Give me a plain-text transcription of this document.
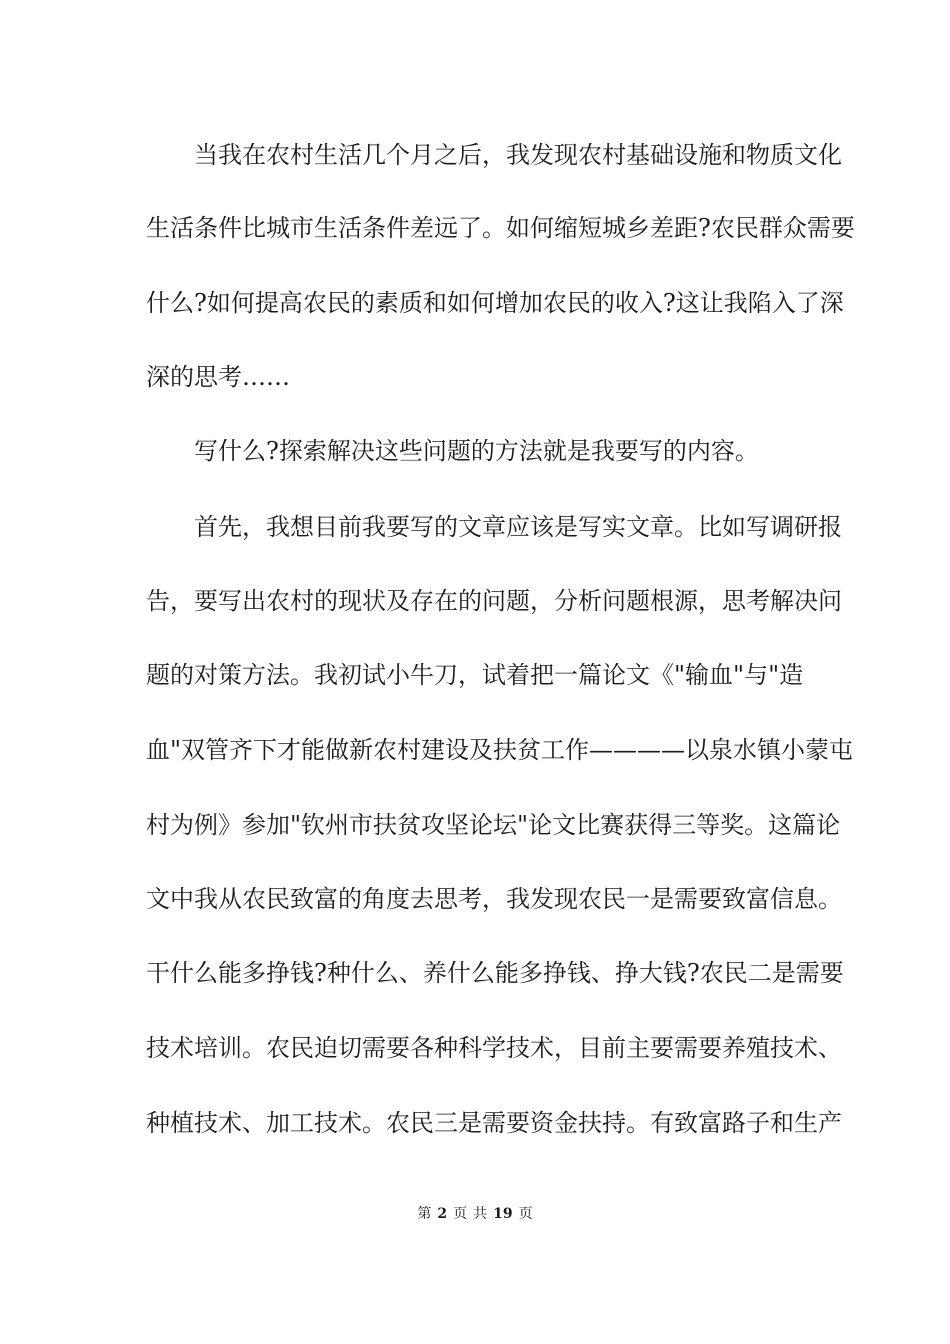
　　当我在农村生活几个月之后，我发现农村基础设施和物质文化
生活条件比城市生活条件差远了。如何缩短城乡差距?农民群众需要
什么?如何提高农民的素质和如何增加农民的收入?这让我陷入了深
深的思考……
　　写什么?探索解决这些问题的方法就是我要写的内容。
　　首先，我想目前我要写的文章应该是写实文章。比如写调研报
告，要写出农村的现状及存在的问题，分析问题根源，思考解决问
题的对策方法。我初试小牛刀，试着把一篇论文《"输血"与"造
血"双管齐下才能做新农村建设及扶贫工作————以泉水镇小蒙屯
村为例》参加"钦州市扶贫攻坚论坛"论文比赛获得三等奖。这篇论
文中我从农民致富的角度去思考，我发现农民一是需要致富信息。
干什么能多挣钱?种什么、养什么能多挣钱、挣大钱?农民二是需要
技术培训。农民迫切需要各种科学技术，目前主要需要养殖技术、
种植技术、加工技术。农民三是需要资金扶持。有致富路子和生产
第 2 页 共 19 页
